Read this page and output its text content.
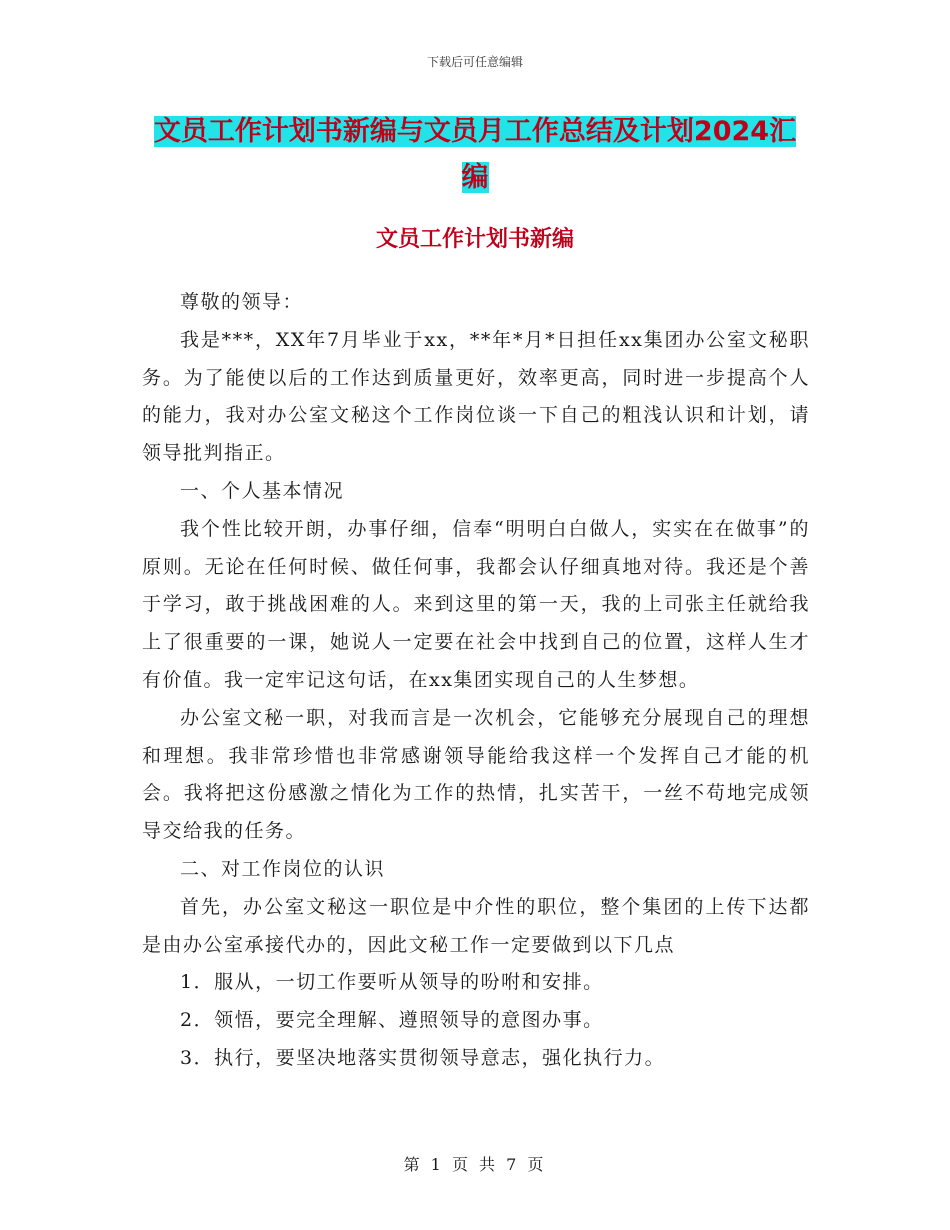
下载后可任意编辑
文员工作计划书新编与文员月工作总结及计划2024汇
编
文员工作计划书新编

尊敬的领导：

我是***，XX年7月毕业于xx，**年*月*日担任xx集团办公室文秘职务。为了能使以后的工作达到质量更好，效率更高，同时进一步提高个人的能力，我对办公室文秘这个工作岗位谈一下自己的粗浅认识和计划，请领导批判指正。

一、个人基本情况

我个性比较开朗，办事仔细，信奉“明明白白做人，实实在在做事”的原则。无论在任何时候、做任何事，我都会认仔细真地对待。我还是个善于学习，敢于挑战困难的人。来到这里的第一天，我的上司张主任就给我上了很重要的一课，她说人一定要在社会中找到自己的位置，这样人生才有价值。我一定牢记这句话，在xx集团实现自己的人生梦想。

办公室文秘一职，对我而言是一次机会，它能够充分展现自己的理想和理想。我非常珍惜也非常感谢领导能给我这样一个发挥自己才能的机会。我将把这份感激之情化为工作的热情，扎实苦干，一丝不苟地完成领导交给我的任务。

二、对工作岗位的认识

首先，办公室文秘这一职位是中介性的职位，整个集团的上传下达都是由办公室承接代办的，因此文秘工作一定要做到以下几点

1．服从，一切工作要听从领导的吩咐和安排。

2．领悟，要完全理解、遵照领导的意图办事。

3．执行，要坚决地落实贯彻领导意志，强化执行力。

第 1 页 共 7 页
